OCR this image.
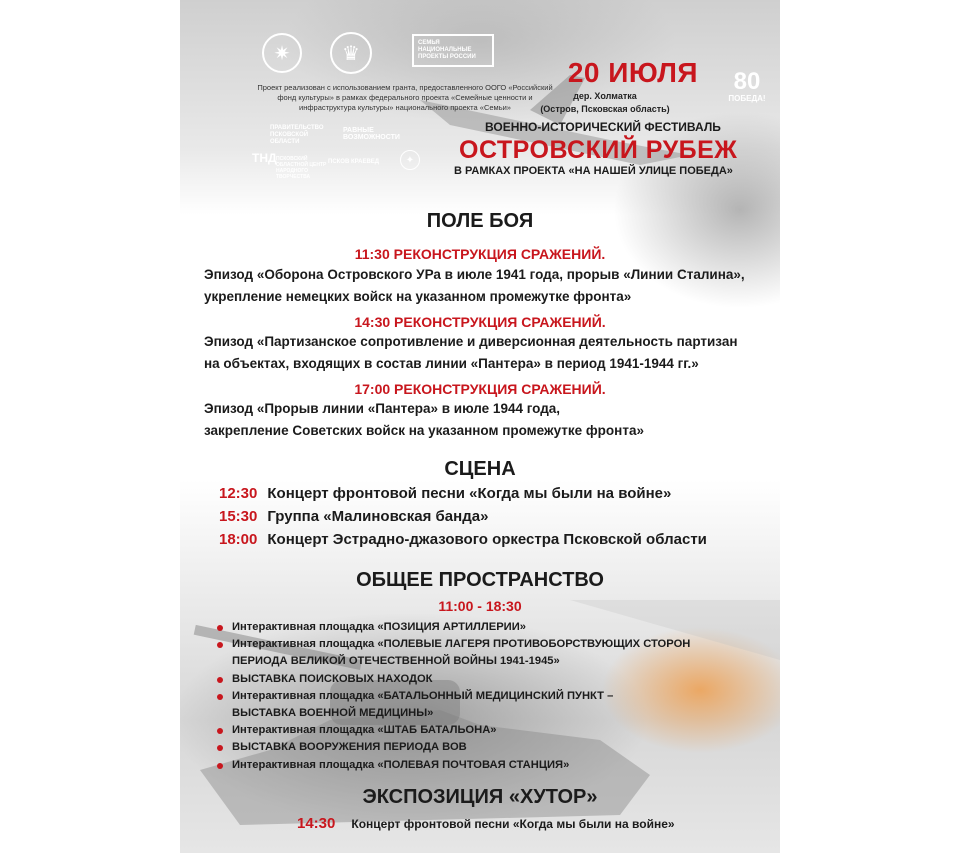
✷	♛	СЕМЬЯ НАЦИОНАЛЬНЫЕ ПРОЕКТЫ РОССИИ
Проект реализован с использованием гранта, предоставленного ООГО «Российский фонд культуры» в рамках федерального проекта «Семейные ценности и инфраструктура культуры» национального проекта «Семьи»
ПРАВИТЕЛЬСТВО ПСКОВСКОЙ ОБЛАСТИ
РАВНЫЕ ВОЗМОЖНОСТИ
ТНД ПСКОВСКИЙ ОБЛАСТНОЙ ЦЕНТР НАРОДНОГО ТВОРЧЕСТВА
ПСКОВ КРАЕВЕД	✦
20 ИЮЛЯ
дер. Холматка
(Остров, Псковская область)
80
ПОБЕДА!
ВОЕННО-ИСТОРИЧЕСКИЙ ФЕСТИВАЛЬ
ОСТРОВСКИЙ РУБЕЖ
В РАМКАХ ПРОЕКТА «НА НАШЕЙ УЛИЦЕ ПОБЕДА»
ПОЛЕ БОЯ
11:30 РЕКОНСТРУКЦИЯ СРАЖЕНИЙ.
Эпизод «Оборона Островского УРа в июле 1941 года, прорыв «Линии Сталина»,
укрепление немецких войск на указанном промежутке фронта»
14:30 РЕКОНСТРУКЦИЯ СРАЖЕНИЙ.
Эпизод «Партизанское сопротивление и диверсионная деятельность партизан
на объектах, входящих в состав линии «Пантера» в период 1941-1944 гг.»
17:00 РЕКОНСТРУКЦИЯ СРАЖЕНИЙ.
Эпизод «Прорыв линии «Пантера» в июле 1944 года,
закрепление Советских войск на указанном промежутке фронта»
СЦЕНА
12:30 Концерт фронтовой песни «Когда мы были на войне»
15:30 Группа «Малиновская банда»
18:00 Концерт Эстрадно-джазового оркестра Псковской области
ОБЩЕЕ ПРОСТРАНСТВО
11:00 - 18:30
Интерактивная площадка «ПОЗИЦИЯ АРТИЛЛЕРИИ»
Интерактивная площадка «ПОЛЕВЫЕ ЛАГЕРЯ ПРОТИВОБОРСТВУЮЩИХ СТОРОН
ПЕРИОДА ВЕЛИКОЙ ОТЕЧЕСТВЕННОЙ ВОЙНЫ 1941-1945»
ВЫСТАВКА ПОИСКОВЫХ НАХОДОК
Интерактивная площадка «БАТАЛЬОННЫЙ МЕДИЦИНСКИЙ ПУНКТ –
ВЫСТАВКА ВОЕННОЙ МЕДИЦИНЫ»
Интерактивная площадка «ШТАБ БАТАЛЬОНА»
ВЫСТАВКА ВООРУЖЕНИЯ ПЕРИОДА ВОВ
Интерактивная площадка «ПОЛЕВАЯ ПОЧТОВАЯ СТАНЦИЯ»
ЭКСПОЗИЦИЯ «ХУТОР»
14:30 Концерт фронтовой песни «Когда мы были на войне»
